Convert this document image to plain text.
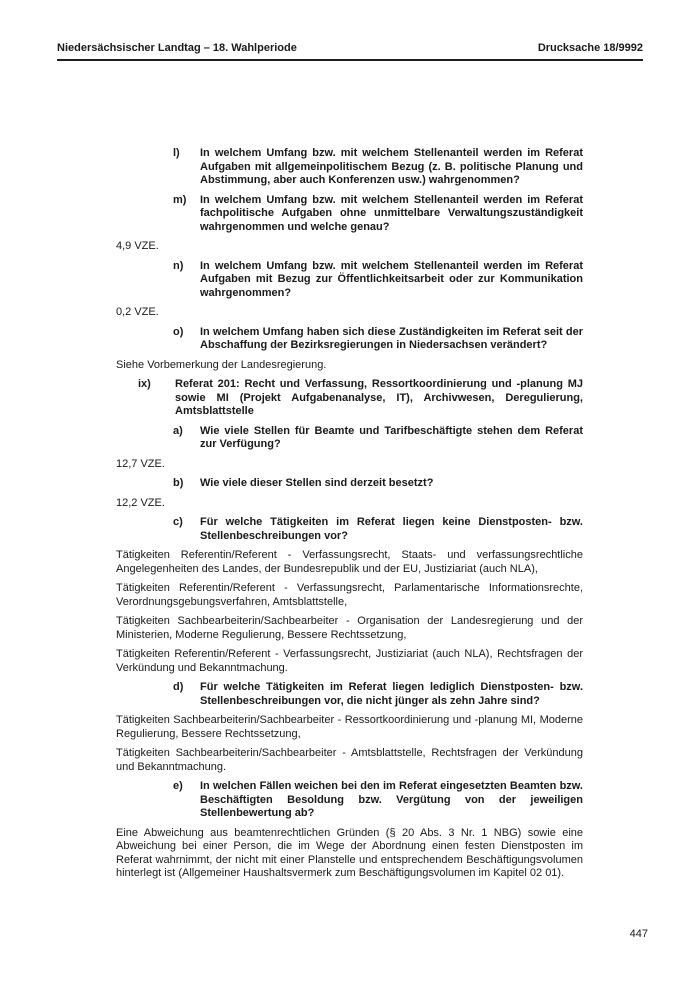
Niedersächsischer Landtag – 18. Wahlperiode	Drucksache 18/9992
l)	In welchem Umfang bzw. mit welchem Stellenanteil werden im Referat Aufgaben mit allgemeinpolitischem Bezug (z. B. politische Planung und Abstimmung, aber auch Konferenzen usw.) wahrgenommen?
m)	In welchem Umfang bzw. mit welchem Stellenanteil werden im Referat fachpolitische Aufgaben ohne unmittelbare Verwaltungszuständigkeit wahrgenommen und welche genau?
4,9 VZE.
n)	In welchem Umfang bzw. mit welchem Stellenanteil werden im Referat Aufgaben mit Bezug zur Öffentlichkeitsarbeit oder zur Kommunikation wahrgenommen?
0,2 VZE.
o)	In welchem Umfang haben sich diese Zuständigkeiten im Referat seit der Abschaffung der Bezirksregierungen in Niedersachsen verändert?
Siehe Vorbemerkung der Landesregierung.
ix)	Referat 201: Recht und Verfassung, Ressortkoordinierung und -planung MJ sowie MI (Projekt Aufgabenanalyse, IT), Archivwesen, Deregulierung, Amtsblattstelle
a)	Wie viele Stellen für Beamte und Tarifbeschäftigte stehen dem Referat zur Verfügung?
12,7 VZE.
b)	Wie viele dieser Stellen sind derzeit besetzt?
12,2 VZE.
c)	Für welche Tätigkeiten im Referat liegen keine Dienstposten- bzw. Stellenbeschreibungen vor?
Tätigkeiten Referentin/Referent - Verfassungsrecht, Staats- und verfassungsrechtliche Angelegenheiten des Landes, der Bundesrepublik und der EU, Justiziariat (auch NLA),
Tätigkeiten Referentin/Referent - Verfassungsrecht, Parlamentarische Informationsrechte, Verordnungsgebungsverfahren, Amtsblattstelle,
Tätigkeiten Sachbearbeiterin/Sachbearbeiter - Organisation der Landesregierung und der Ministerien, Moderne Regulierung, Bessere Rechtssetzung,
Tätigkeiten Referentin/Referent - Verfassungsrecht, Justiziariat (auch NLA), Rechtsfragen der Verkündung und Bekanntmachung.
d)	Für welche Tätigkeiten im Referat liegen lediglich Dienstposten- bzw. Stellenbeschreibungen vor, die nicht jünger als zehn Jahre sind?
Tätigkeiten Sachbearbeiterin/Sachbearbeiter - Ressortkoordinierung und -planung MI, Moderne Regulierung, Bessere Rechtssetzung,
Tätigkeiten Sachbearbeiterin/Sachbearbeiter - Amtsblattstelle, Rechtsfragen der Verkündung und Bekanntmachung.
e)	In welchen Fällen weichen bei den im Referat eingesetzten Beamten bzw. Beschäftigten Besoldung bzw. Vergütung von der jeweiligen Stellenbewertung ab?
Eine Abweichung aus beamtenrechtlichen Gründen (§ 20 Abs. 3 Nr. 1 NBG) sowie eine Abweichung bei einer Person, die im Wege der Abordnung einen festen Dienstposten im Referat wahrnimmt, der nicht mit einer Planstelle und entsprechendem Beschäftigungsvolumen hinterlegt ist (Allgemeiner Haushaltsvermerk zum Beschäftigungsvolumen im Kapitel 02 01).
447
